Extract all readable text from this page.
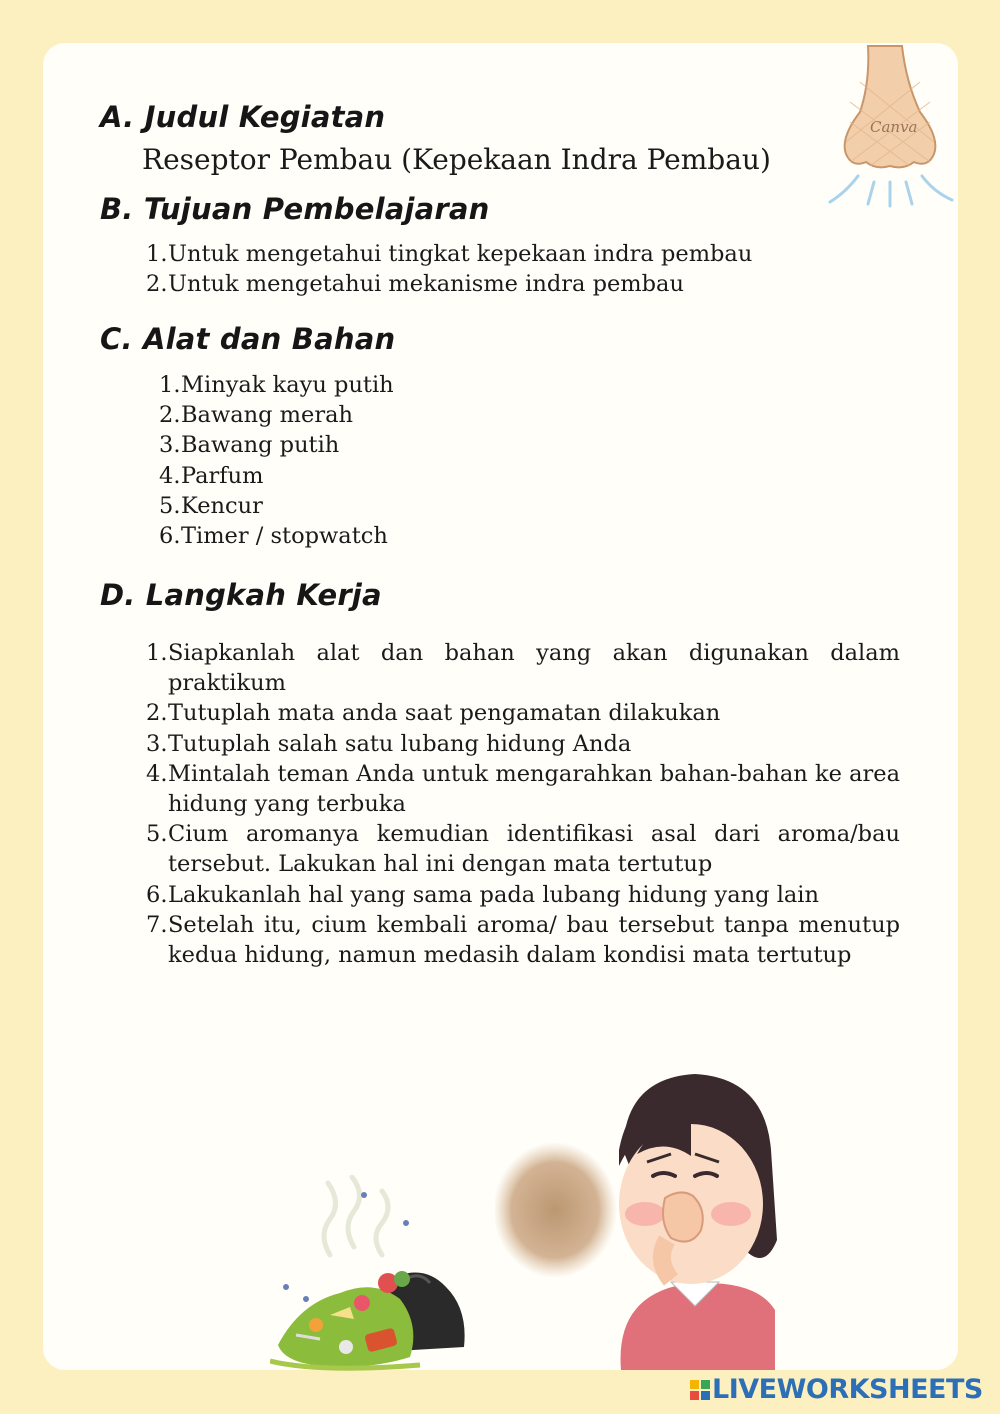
Canva
A. Judul Kegiatan
Reseptor Pembau (Kepekaan Indra Pembau)
B. Tujuan Pembelajaran
1. Untuk mengetahui tingkat kepekaan indra pembau
2. Untuk mengetahui mekanisme indra pembau
C. Alat dan Bahan
1. Minyak kayu putih
2. Bawang merah
3. Bawang putih
4. Parfum
5. Kencur
6. Timer / stopwatch
D. Langkah Kerja
1. Siapkanlah alat dan bahan yang akan digunakan dalam praktikum
2. Tutuplah mata anda saat pengamatan dilakukan
3. Tutuplah salah satu lubang hidung Anda
4. Mintalah teman Anda untuk mengarahkan bahan-bahan ke area hidung yang terbuka
5. Cium aromanya kemudian identifikasi asal dari aroma/bau tersebut. Lakukan hal ini dengan mata tertutup
6. Lakukanlah hal yang sama pada lubang hidung yang lain
7. Setelah itu, cium kembali aroma/ bau tersebut tanpa menutup kedua hidung, namun medasih dalam kondisi mata tertutup
LIVEWORKSHEETS
